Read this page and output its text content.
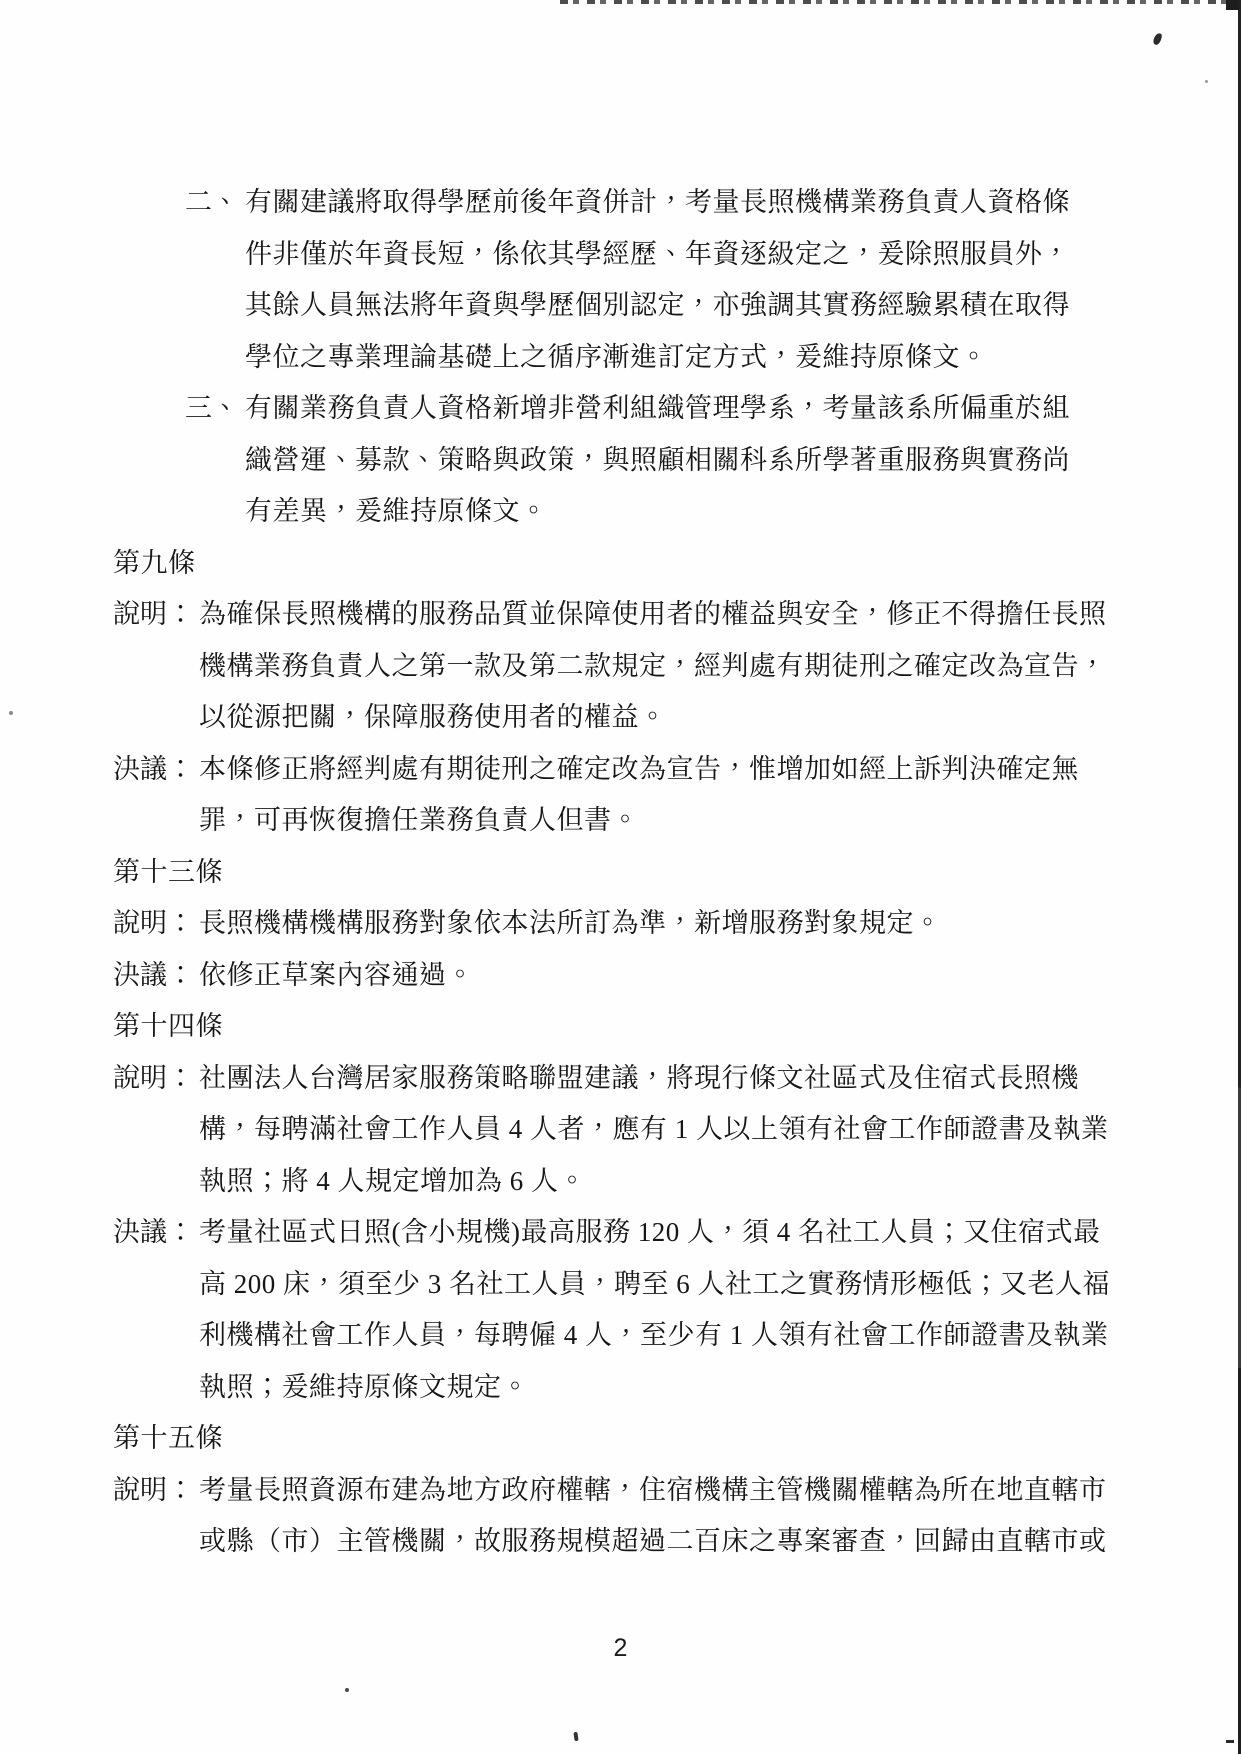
二、 有關建議將取得學歷前後年資併計，考量長照機構業務負責人資格條
件非僅於年資長短，係依其學經歷、年資逐級定之，爰除照服員外，
其餘人員無法將年資與學歷個別認定，亦強調其實務經驗累積在取得
學位之專業理論基礎上之循序漸進訂定方式，爰維持原條文。
三、 有關業務負責人資格新增非營利組織管理學系，考量該系所偏重於組
織營運、募款、策略與政策，與照顧相關科系所學著重服務與實務尚
有差異，爰維持原條文。
第九條
說明： 為確保長照機構的服務品質並保障使用者的權益與安全，修正不得擔任長照
機構業務負責人之第一款及第二款規定，經判處有期徒刑之確定改為宣告，
以從源把關，保障服務使用者的權益。
決議： 本條修正將經判處有期徒刑之確定改為宣告，惟增加如經上訴判決確定無
罪，可再恢復擔任業務負責人但書。
第十三條
說明： 長照機構機構服務對象依本法所訂為準，新增服務對象規定。
決議： 依修正草案內容通過。
第十四條
說明： 社團法人台灣居家服務策略聯盟建議，將現行條文社區式及住宿式長照機
構，每聘滿社會工作人員 4 人者，應有 1 人以上領有社會工作師證書及執業
執照；將 4 人規定增加為 6 人。
決議： 考量社區式日照(含小規機)最高服務 120 人，須 4 名社工人員；又住宿式最
高 200 床，須至少 3 名社工人員，聘至 6 人社工之實務情形極低；又老人福
利機構社會工作人員，每聘僱 4 人，至少有 1 人領有社會工作師證書及執業
執照；爰維持原條文規定。
第十五條
說明： 考量長照資源布建為地方政府權轄，住宿機構主管機關權轄為所在地直轄市
或縣（市）主管機關，故服務規模超過二百床之專案審查，回歸由直轄市或
2
